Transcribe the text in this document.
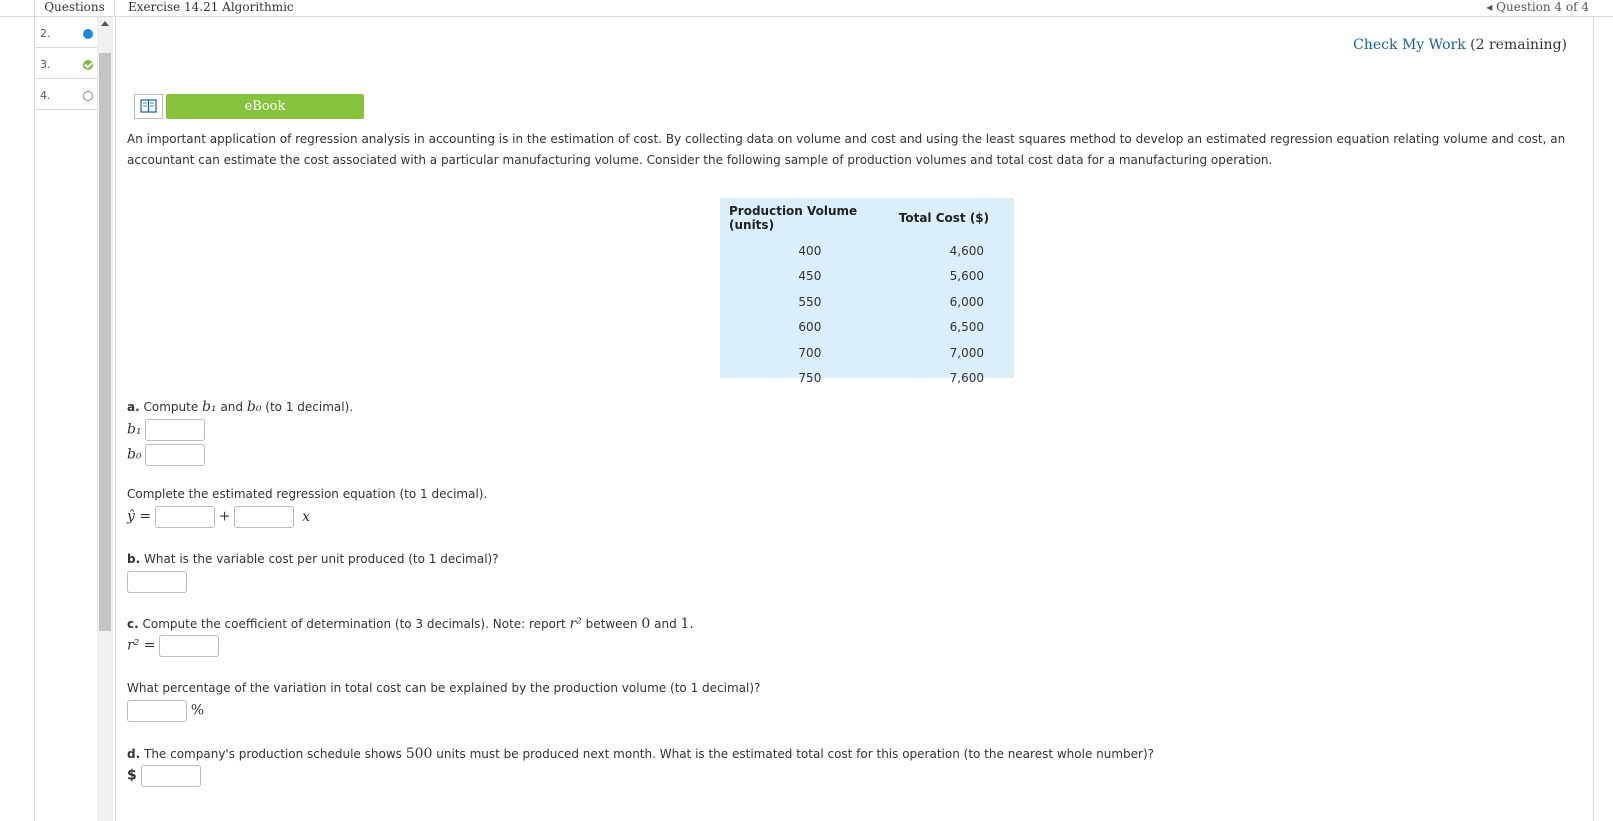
Questions	Exercise 14.21 Algorithmic	◂ Question 4 of 4
2.
3.
4.
Check My Work (2 remaining)
eBook
An important application of regression analysis in accounting is in the estimation of cost. By collecting data on volume and cost and using the least squares method to develop an estimated regression equation relating volume and cost, an accountant can estimate the cost associated with a particular manufacturing volume. Consider the following sample of production volumes and total cost data for a manufacturing operation.
Production Volume (units)	Total Cost ($)
400	4,600
450	5,600
550	6,000
600	6,500
700	7,000
750	7,600
a. Compute b₁ and b₀ (to 1 decimal).
b₁
b₀
Complete the estimated regression equation (to 1 decimal).
ŷ =	+	x
b. What is the variable cost per unit produced (to 1 decimal)?
c. Compute the coefficient of determination (to 3 decimals). Note: report r² between 0 and 1.
r² =
What percentage of the variation in total cost can be explained by the production volume (to 1 decimal)?
%
d. The company's production schedule shows 500 units must be produced next month. What is the estimated total cost for this operation (to the nearest whole number)?
$
